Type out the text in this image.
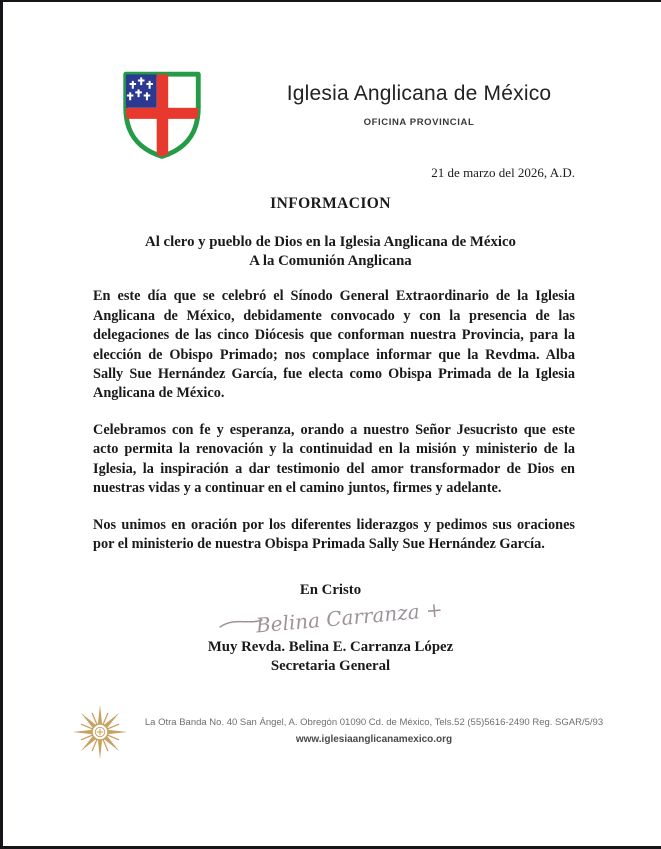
Iglesia Anglicana de México
OFICINA PROVINCIAL
21 de marzo del 2026, A.D.
INFORMACION
Al clero y pueblo de Dios en la Iglesia Anglicana de México
A la Comunión Anglicana

En este día que se celebró el Sínodo General Extraordinario de la Iglesia Anglicana de México, debidamente convocado y con la presencia de las delegaciones de las cinco Diócesis que conforman nuestra Provincia, para la elección de Obispo Primado; nos complace informar que la Revdma. Alba Sally Sue Hernández García, fue electa como Obispa Primada de la Iglesia Anglicana de México.

Celebramos con fe y esperanza, orando a nuestro Señor Jesucristo que este acto permita la renovación y la continuidad en la misión y ministerio de la Iglesia, la inspiración a dar testimonio del amor transformador de Dios en nuestras vidas y a continuar en el camino juntos, firmes y adelante.

Nos unimos en oración por los diferentes liderazgos y pedimos sus oraciones por el ministerio de nuestra Obispa Primada Sally Sue Hernández García.

En Cristo
Belina Carranza +
Muy Revda. Belina E. Carranza López
Secretaria General
La Otra Banda No. 40 San Ángel, A. Obregón 01090 Cd. de México, Tels.52 (55)5616-2490 Reg. SGAR/5/93
www.iglesiaanglicanamexico.org
